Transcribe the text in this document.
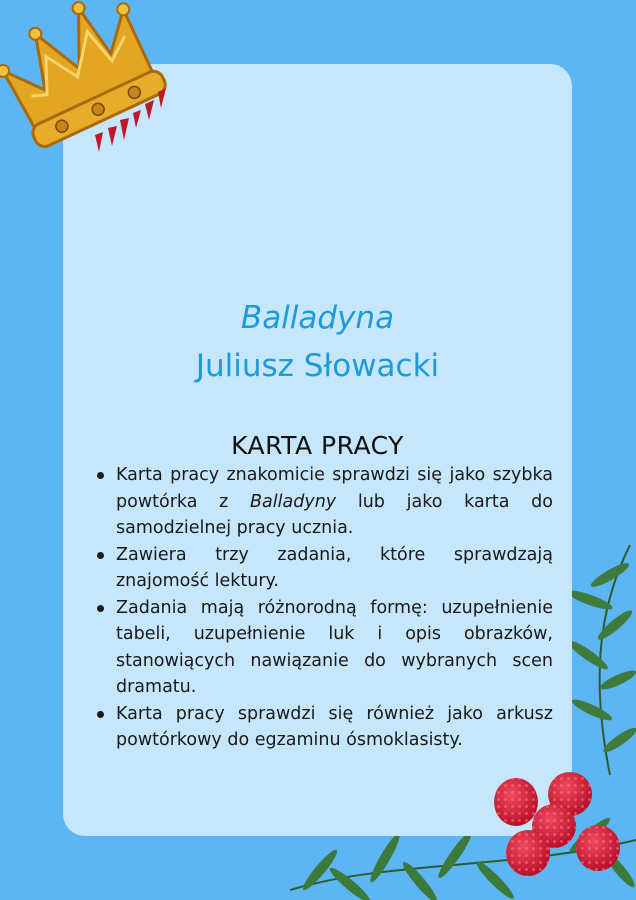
Balladyna
Juliusz Słowacki
KARTA PRACY
Karta pracy znakomicie sprawdzi się jako szybka powtórka z Balladyny lub jako karta do samodzielnej pracy ucznia.
Zawiera trzy zadania, które sprawdzają znajomość lektury.
Zadania mają różnorodną formę: uzupełnienie tabeli, uzupełnienie luk i opis obrazków, stanowiących nawiązanie do wybranych scen dramatu.
Karta pracy sprawdzi się również jako arkusz powtórkowy do egzaminu ósmoklasisty.
